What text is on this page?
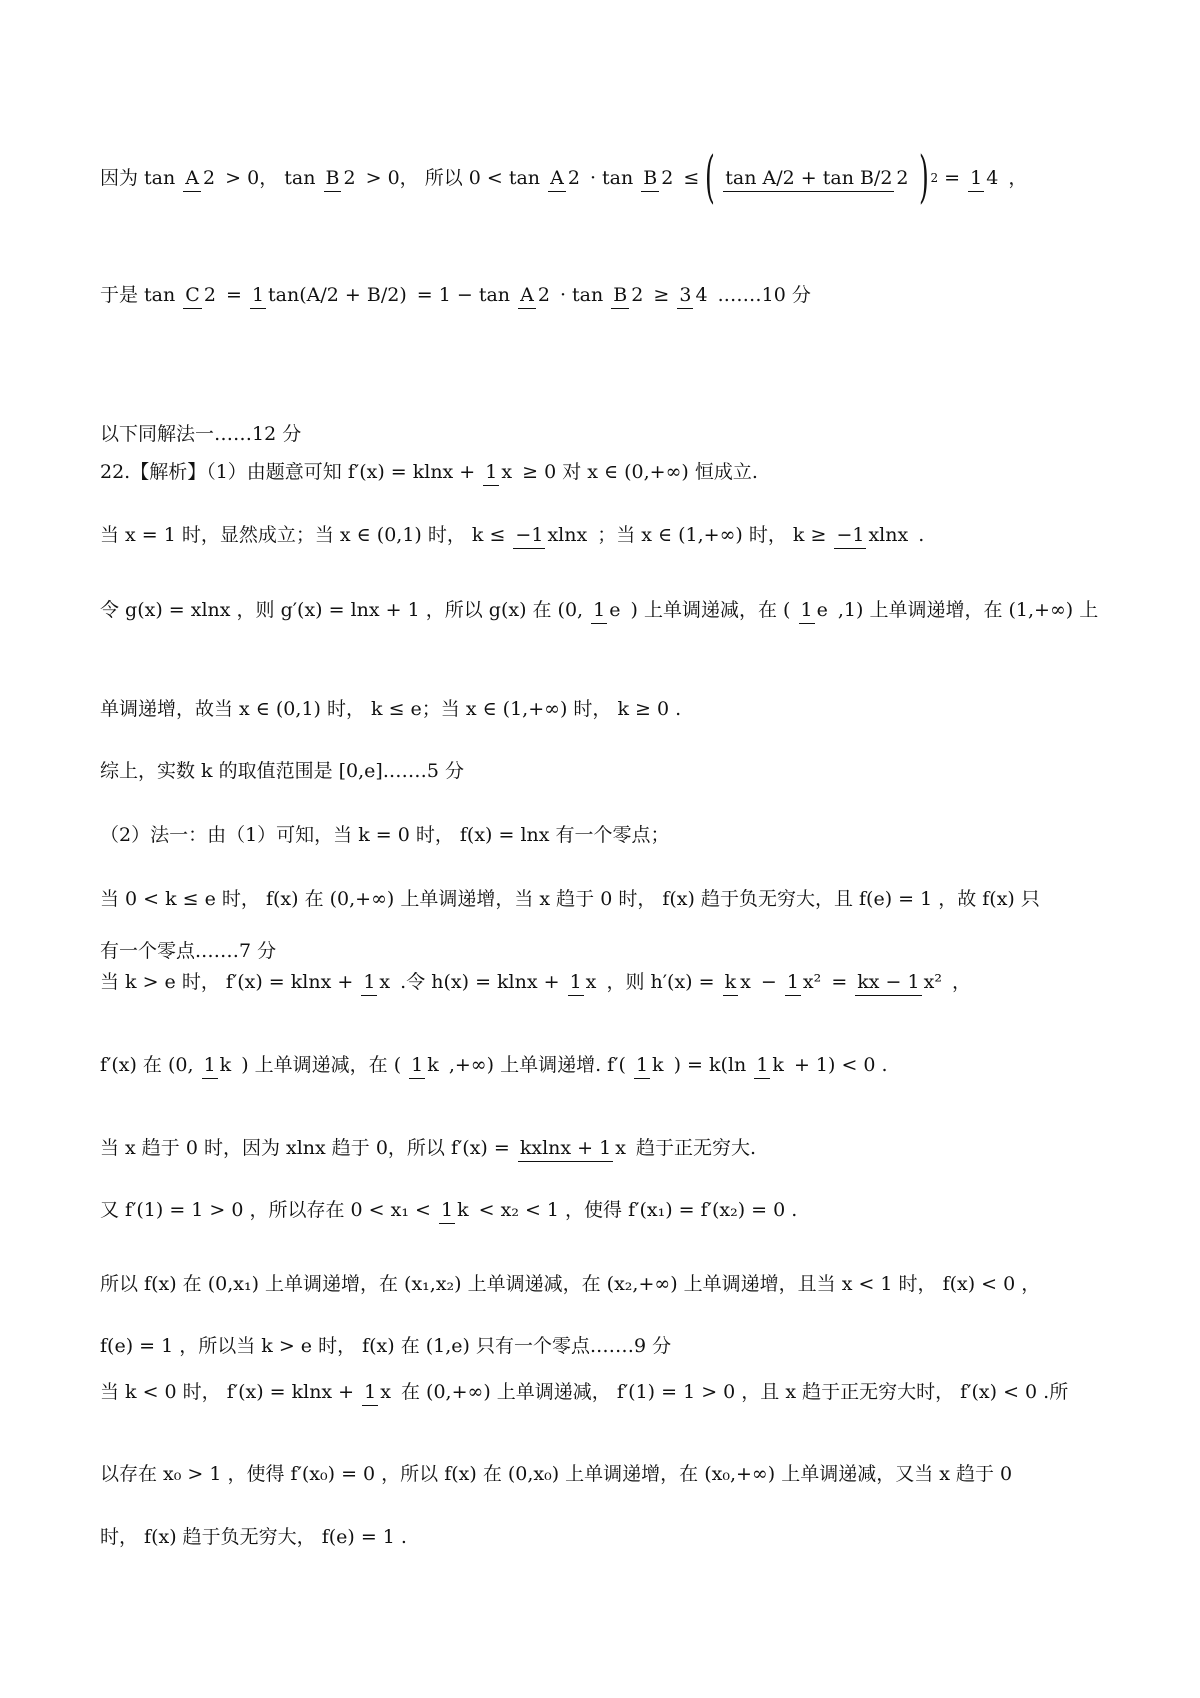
因为 tan A 2 > 0， tan B 2 > 0， 所以 0 < tan A 2 · tan B 2 ≤ ( tan A/2 + tan B/2 2 ) 2 = 1 4 ，
于是 tan C 2 = 1 tan(A/2 + B/2) = 1 − tan A 2 · tan B 2 ≥ 3 4 .……10 分
以下同解法一……12 分
22.【解析】（1）由题意可知 f′(x) = klnx + 1 x ≥ 0 对 x ∈ (0,+∞) 恒成立.
当 x = 1 时，显然成立；当 x ∈ (0,1) 时， k ≤ −1 xlnx ；当 x ∈ (1,+∞) 时， k ≥ −1 xlnx .
令 g(x) = xlnx ，则 g′(x) = lnx + 1 ，所以 g(x) 在 (0, 1 e ) 上单调递减，在 ( 1 e ,1) 上单调递增，在 (1,+∞) 上
单调递增，故当 x ∈ (0,1) 时， k ≤ e；当 x ∈ (1,+∞) 时， k ≥ 0 .
综上，实数 k 的取值范围是 [0,e].……5 分
（2）法一：由（1）可知，当 k = 0 时， f(x) = lnx 有一个零点；
当 0 < k ≤ e 时， f(x) 在 (0,+∞) 上单调递增，当 x 趋于 0 时， f(x) 趋于负无穷大，且 f(e) = 1 ，故 f(x) 只
有一个零点.……7 分
当 k > e 时， f′(x) = klnx + 1 x .令 h(x) = klnx + 1 x ，则 h′(x) = k x − 1 x² = kx − 1 x² ，
f′(x) 在 (0, 1 k ) 上单调递减，在 ( 1 k ,+∞) 上单调递增. f′( 1 k ) = k(ln 1 k + 1) < 0 .
当 x 趋于 0 时，因为 xlnx 趋于 0，所以 f′(x) = kxlnx + 1 x 趋于正无穷大.
又 f′(1) = 1 > 0 ，所以存在 0 < x₁ < 1 k < x₂ < 1 ，使得 f′(x₁) = f′(x₂) = 0 .
所以 f(x) 在 (0,x₁) 上单调递增，在 (x₁,x₂) 上单调递减，在 (x₂,+∞) 上单调递增，且当 x < 1 时， f(x) < 0 ，
f(e) = 1 ，所以当 k > e 时， f(x) 在 (1,e) 只有一个零点.……9 分
当 k < 0 时， f′(x) = klnx + 1 x 在 (0,+∞) 上单调递减， f′(1) = 1 > 0 ，且 x 趋于正无穷大时， f′(x) < 0 .所
以存在 x₀ > 1 ，使得 f′(x₀) = 0 ，所以 f(x) 在 (0,x₀) 上单调递增，在 (x₀,+∞) 上单调递减，又当 x 趋于 0
时， f(x) 趋于负无穷大， f(e) = 1 .
